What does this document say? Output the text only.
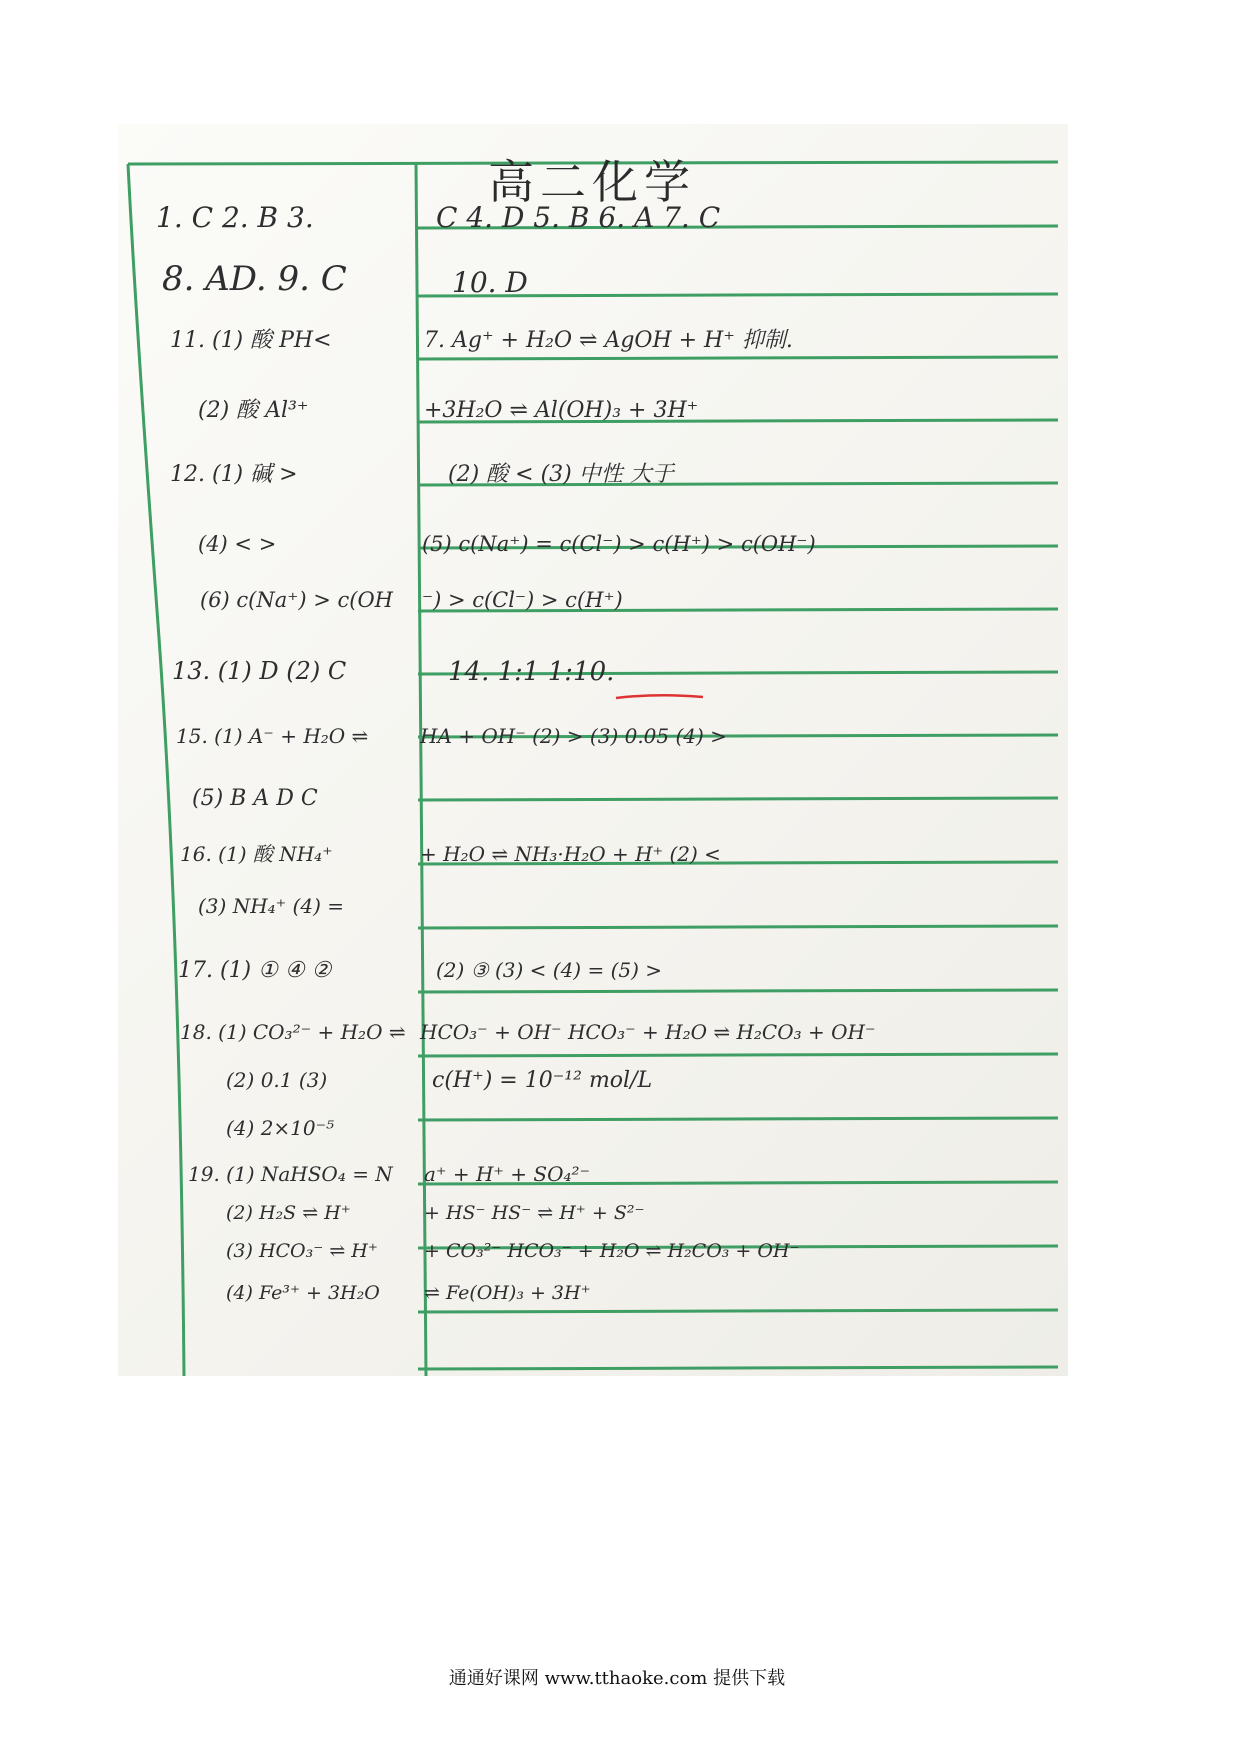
高二化学
1. C 2. B 3.	C 4. D 5. B 6. A 7. C
8. AD. 9. C	10. D
11. (1) 酸 PH<	7. Ag⁺ + H₂O ⇌ AgOH + H⁺ 抑制.
(2) 酸 Al³⁺	+3H₂O ⇌ Al(OH)₃ + 3H⁺
12. (1) 碱 >	(2) 酸 < (3) 中性 大于
(4) < >	(5) c(Na⁺) = c(Cl⁻) > c(H⁺) > c(OH⁻)
(6) c(Na⁺) > c(OH ⁻) > c(Cl⁻) > c(H⁺)
13. (1) D (2) C	14. 1:1 1:10.
15. (1) A⁻ + H₂O ⇌	HA + OH⁻ (2) > (3) 0.05 (4) >
(5) B A D C
16. (1) 酸 NH₄⁺	+ H₂O ⇌ NH₃·H₂O + H⁺ (2) <
(3) NH₄⁺ (4) =
17. (1) ① ④ ②	(2) ③ (3) < (4) = (5) >
18. (1) CO₃²⁻ + H₂O ⇌ HCO₃⁻ + OH⁻ HCO₃⁻ + H₂O ⇌ H₂CO₃ + OH⁻
(2) 0.1 (3)	c(H⁺) = 10⁻¹² mol/L
(4) 2×10⁻⁵
19. (1) NaHSO₄ = N a⁺ + H⁺ + SO₄²⁻
(2) H₂S ⇌ H⁺	+ HS⁻ HS⁻ ⇌ H⁺ + S²⁻
(3) HCO₃⁻ ⇌ H⁺ + CO₃²⁻ HCO₃⁻ + H₂O ⇌ H₂CO₃ + OH⁻
(4) Fe³⁺ + 3H₂O ⇌ Fe(OH)₃ + 3H⁺
通通好课网 www.tthaoke.com 提供下载
